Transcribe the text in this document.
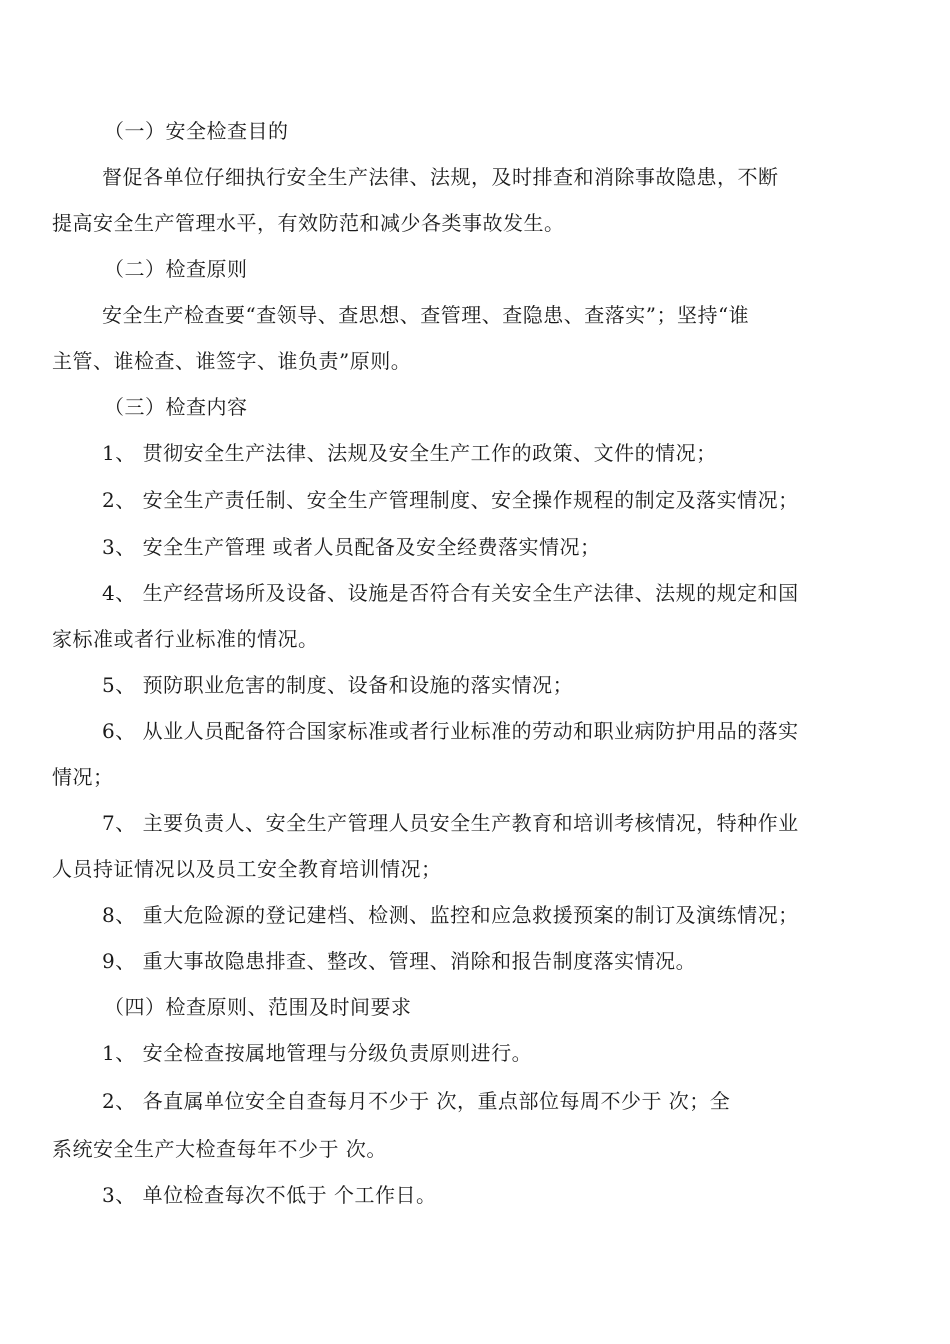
（一）安全检查目的
督促各单位仔细执行安全生产法律、法规，及时排查和消除事故隐患，不断
提高安全生产管理水平，有效防范和减少各类事故发生。
（二）检查原则
安全生产检查要“查领导、查思想、查管理、查隐患、查落实”；坚持“谁
主管、谁检查、谁签字、谁负责”原则。
（三）检查内容
1、 贯彻安全生产法律、法规及安全生产工作的政策、文件的情况；
2、 安全生产责任制、安全生产管理制度、安全操作规程的制定及落实情况；
3、 安全生产管理 或者人员配备及安全经费落实情况；
4、 生产经营场所及设备、设施是否符合有关安全生产法律、法规的规定和国
家标准或者行业标准的情况。
5、 预防职业危害的制度、设备和设施的落实情况；
6、 从业人员配备符合国家标准或者行业标准的劳动和职业病防护用品的落实
情况；
7、 主要负责人、安全生产管理人员安全生产教育和培训考核情况，特种作业
人员持证情况以及员工安全教育培训情况；
8、 重大危险源的登记建档、检测、监控和应急救援预案的制订及演练情况；
9、 重大事故隐患排查、整改、管理、消除和报告制度落实情况。
（四）检查原则、范围及时间要求
1、 安全检查按属地管理与分级负责原则进行。
2、 各直属单位安全自查每月不少于 次，重点部位每周不少于 次；全
系统安全生产大检查每年不少于 次。
3、 单位检查每次不低于 个工作日。
